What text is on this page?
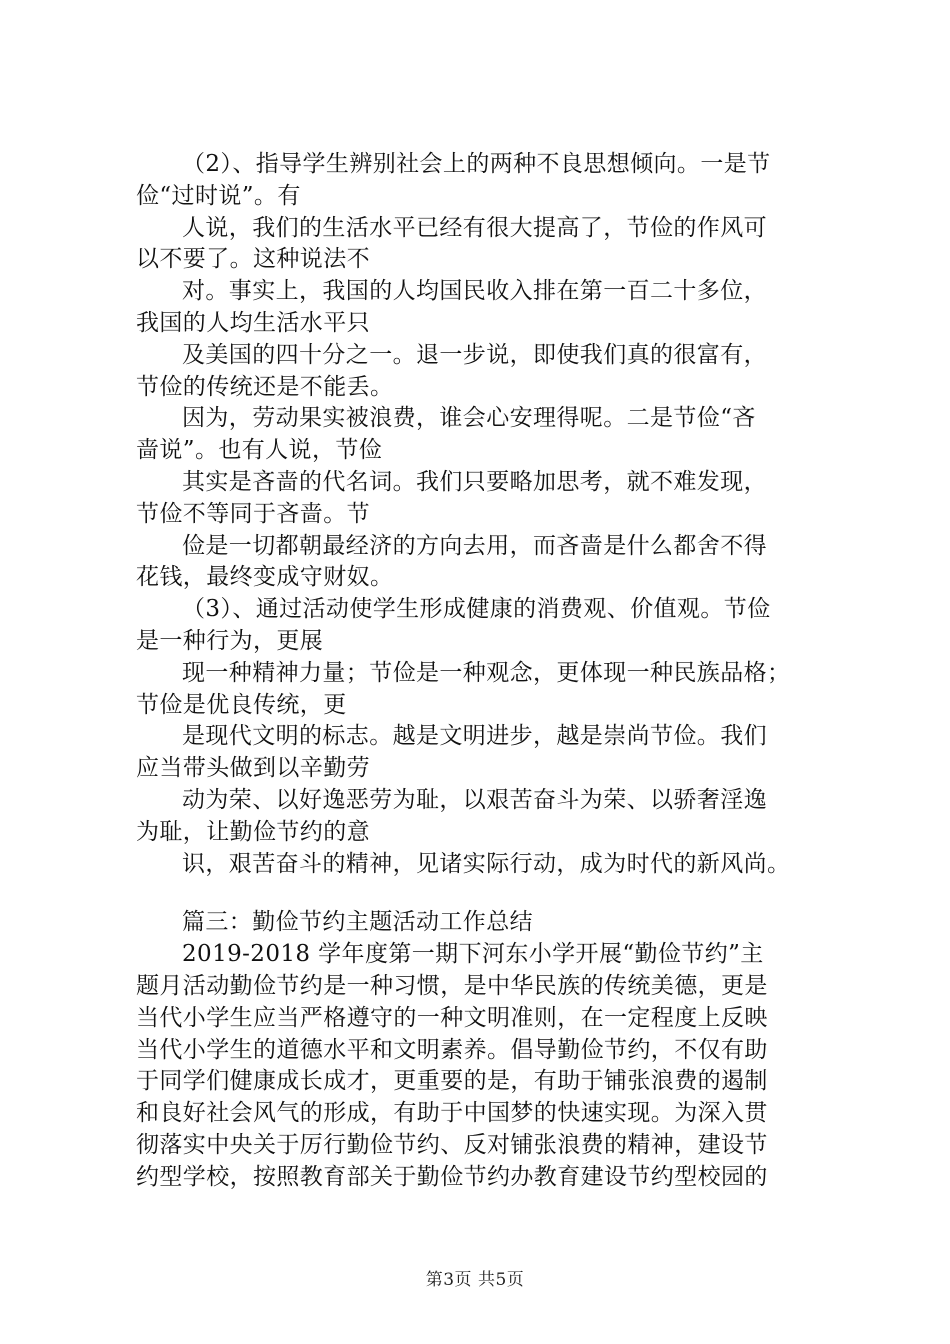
（2）、指导学生辨别社会上的两种不良思想倾向。一是节
俭“过时说”。有

人说，我们的生活水平已经有很大提高了，节俭的作风可
以不要了。这种说法不

对。事实上，我国的人均国民收入排在第一百二十多位，
我国的人均生活水平只

及美国的四十分之一。退一步说，即使我们真的很富有，
节俭的传统还是不能丢。

因为，劳动果实被浪费，谁会心安理得呢。二是节俭“吝
啬说”。也有人说，节俭

其实是吝啬的代名词。我们只要略加思考，就不难发现，
节俭不等同于吝啬。节

俭是一切都朝最经济的方向去用，而吝啬是什么都舍不得
花钱，最终变成守财奴。

（3）、通过活动使学生形成健康的消费观、价值观。节俭
是一种行为，更展

现一种精神力量；节俭是一种观念，更体现一种民族品格；
节俭是优良传统，更

是现代文明的标志。越是文明进步，越是崇尚节俭。我们
应当带头做到以辛勤劳

动为荣、以好逸恶劳为耻，以艰苦奋斗为荣、以骄奢淫逸
为耻，让勤俭节约的意

识，艰苦奋斗的精神，见诸实际行动，成为时代的新风尚。

篇三：勤俭节约主题活动工作总结

2019-2018 学年度第一期下河东小学开展“勤俭节约”主
题月活动勤俭节约是一种习惯，是中华民族的传统美德，更是
当代小学生应当严格遵守的一种文明准则，在一定程度上反映
当代小学生的道德水平和文明素养。倡导勤俭节约，不仅有助
于同学们健康成长成才，更重要的是，有助于铺张浪费的遏制
和良好社会风气的形成，有助于中国梦的快速实现。为深入贯
彻落实中央关于厉行勤俭节约、反对铺张浪费的精神，建设节
约型学校，按照教育部关于勤俭节约办教育建设节约型校园的

第3页 共5页
